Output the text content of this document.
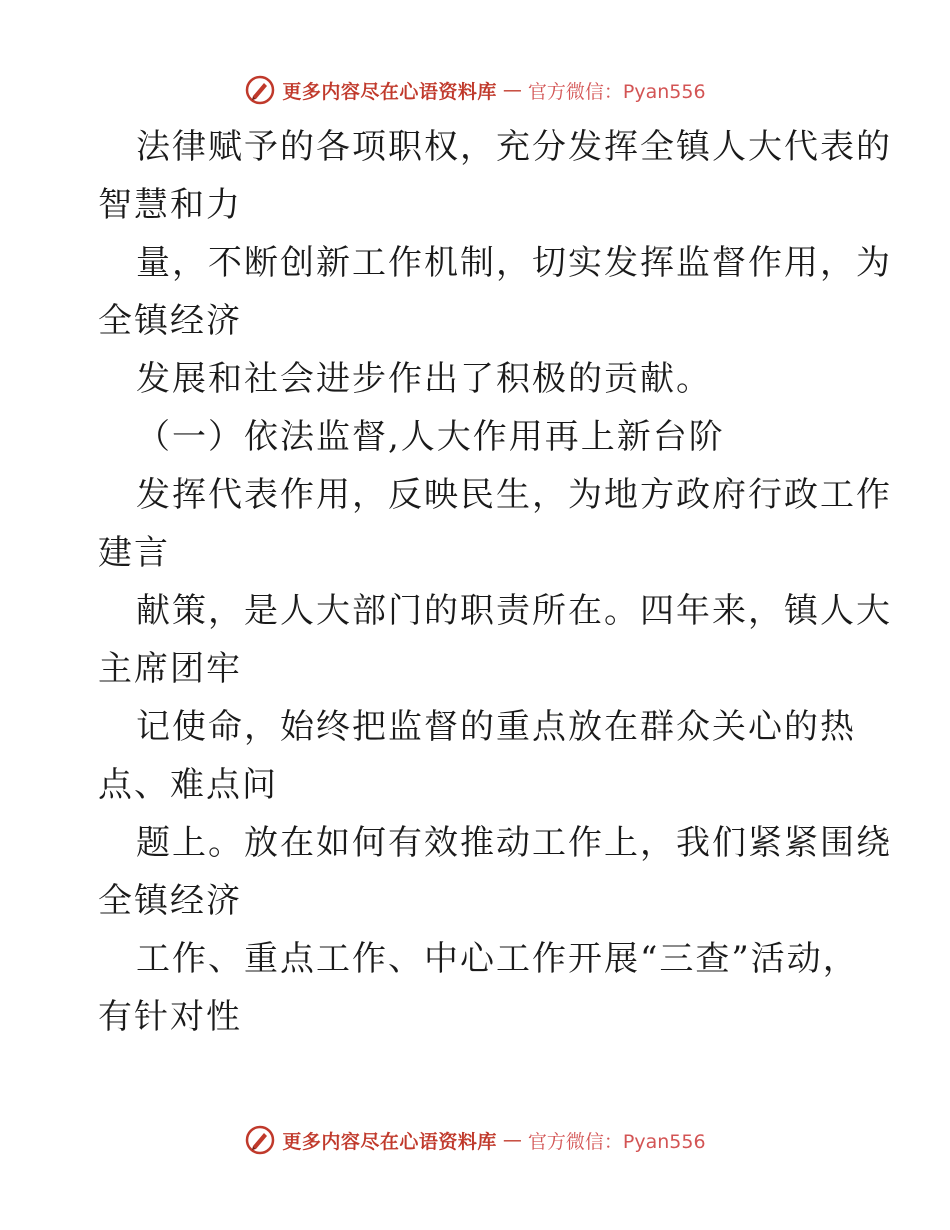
更多内容尽在心语资料库 — 官方微信：Pyan556

法律赋予的各项职权，充分发挥全镇人大代表的

智慧和力

量，不断创新工作机制，切实发挥监督作用，为

全镇经济

发展和社会进步作出了积极的贡献。

（一）依法监督,人大作用再上新台阶

发挥代表作用，反映民生，为地方政府行政工作

建言

献策，是人大部门的职责所在。四年来，镇人大

主席团牢

记使命，始终把监督的重点放在群众关心的热

点、难点问

题上。放在如何有效推动工作上，我们紧紧围绕

全镇经济

工作、重点工作、中心工作开展“三查”活动，

有针对性

更多内容尽在心语资料库 — 官方微信：Pyan556
